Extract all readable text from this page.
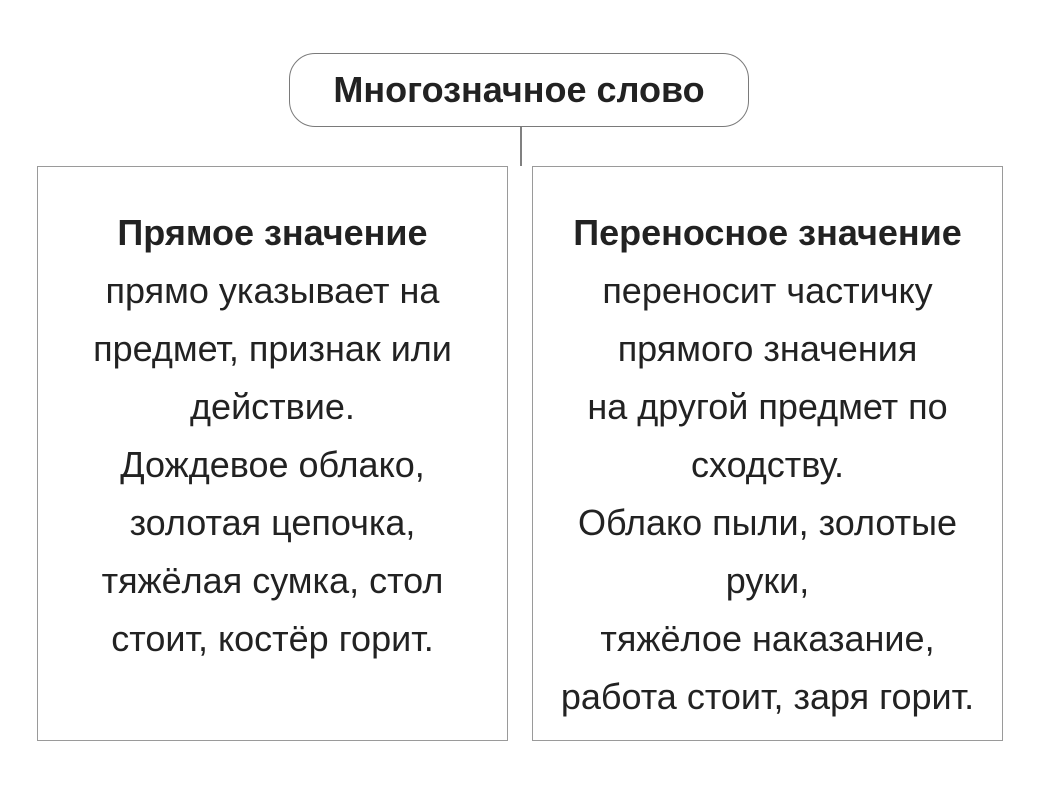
Многозначное слово
Прямое значение
прямо указывает на
предмет, признак или
действие.
Дождевое облако,
золотая цепочка,
тяжёлая сумка, стол
стоит, костёр горит.
Переносное значение
переносит частичку
прямого значения
на другой предмет по
сходству.
Облако пыли, золотые
руки,
тяжёлое наказание,
работа стоит, заря горит.
